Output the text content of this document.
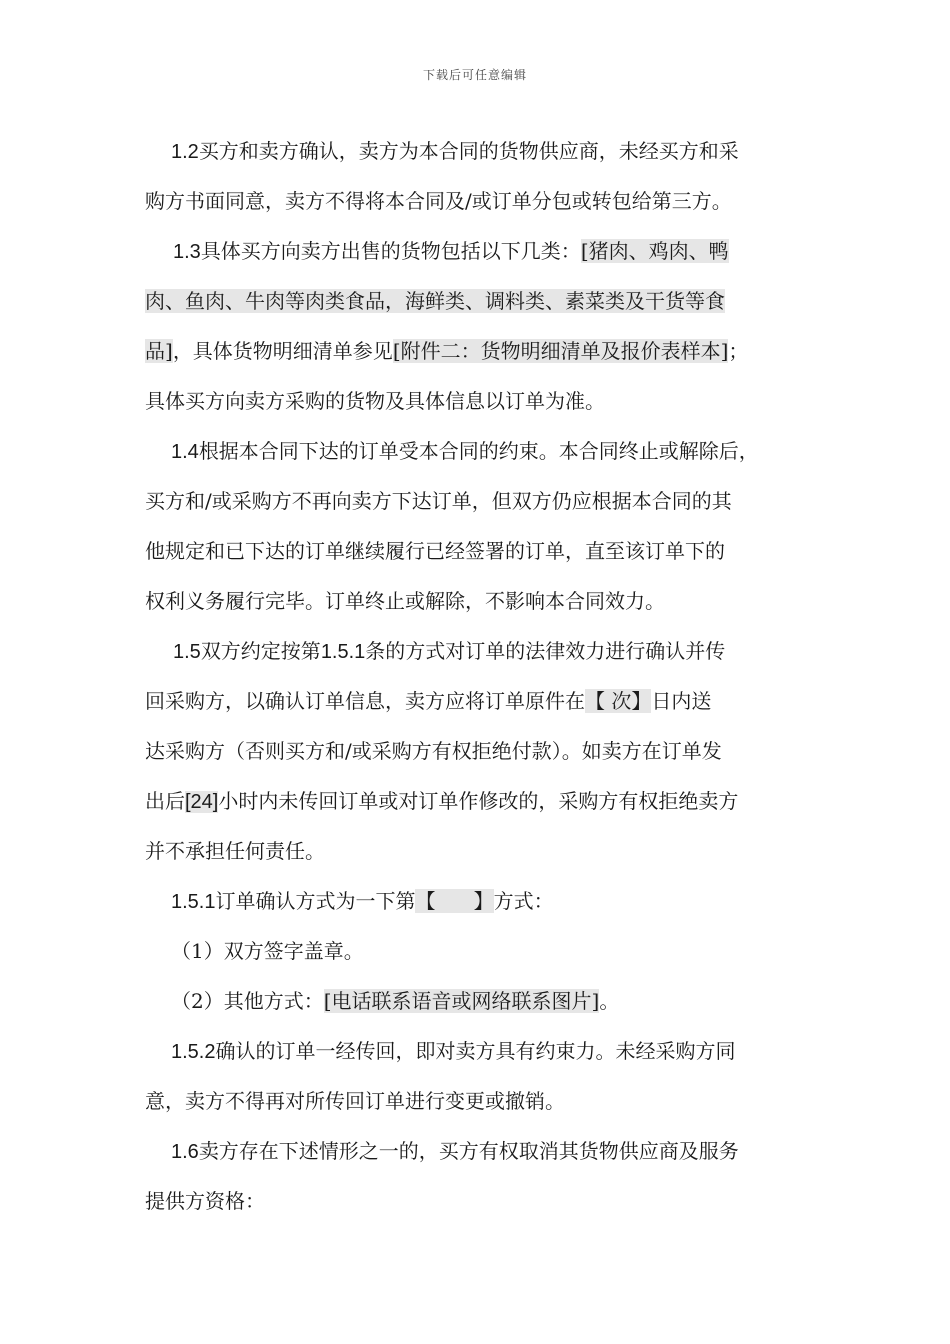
下载后可任意编辑
1.2买方和卖方确认，卖方为本合同的货物供应商，未经买方和采
购方书面同意，卖方不得将本合同及/或订单分包或转包给第三方。
1.3具体买方向卖方出售的货物包括以下几类：[猪肉、鸡肉、鸭
肉、鱼肉、牛肉等肉类食品，海鲜类、调料类、素菜类及干货等食
品]，具体货物明细清单参见[附件二：货物明细清单及报价表样本]；
具体买方向卖方采购的货物及具体信息以订单为准。
1.4根据本合同下达的订单受本合同的约束。本合同终止或解除后，
买方和/或采购方不再向卖方下达订单，但双方仍应根据本合同的其
他规定和已下达的订单继续履行已经签署的订单，直至该订单下的
权利义务履行完毕。订单终止或解除，不影响本合同效力。
1.5双方约定按第1.5.1条的方式对订单的法律效力进行确认并传
回采购方，以确认订单信息，卖方应将订单原件在【 次】日内送
达采购方（否则买方和/或采购方有权拒绝付款）。如卖方在订单发
出后[24]小时内未传回订单或对订单作修改的，采购方有权拒绝卖方
并不承担任何责任。
1.5.1订单确认方式为一下第【      】方式：
（1）双方签字盖章。
（2）其他方式：[电话联系语音或网络联系图片]。
1.5.2确认的订单一经传回，即对卖方具有约束力。未经采购方同
意，卖方不得再对所传回订单进行变更或撤销。
1.6卖方存在下述情形之一的，买方有权取消其货物供应商及服务
提供方资格：
